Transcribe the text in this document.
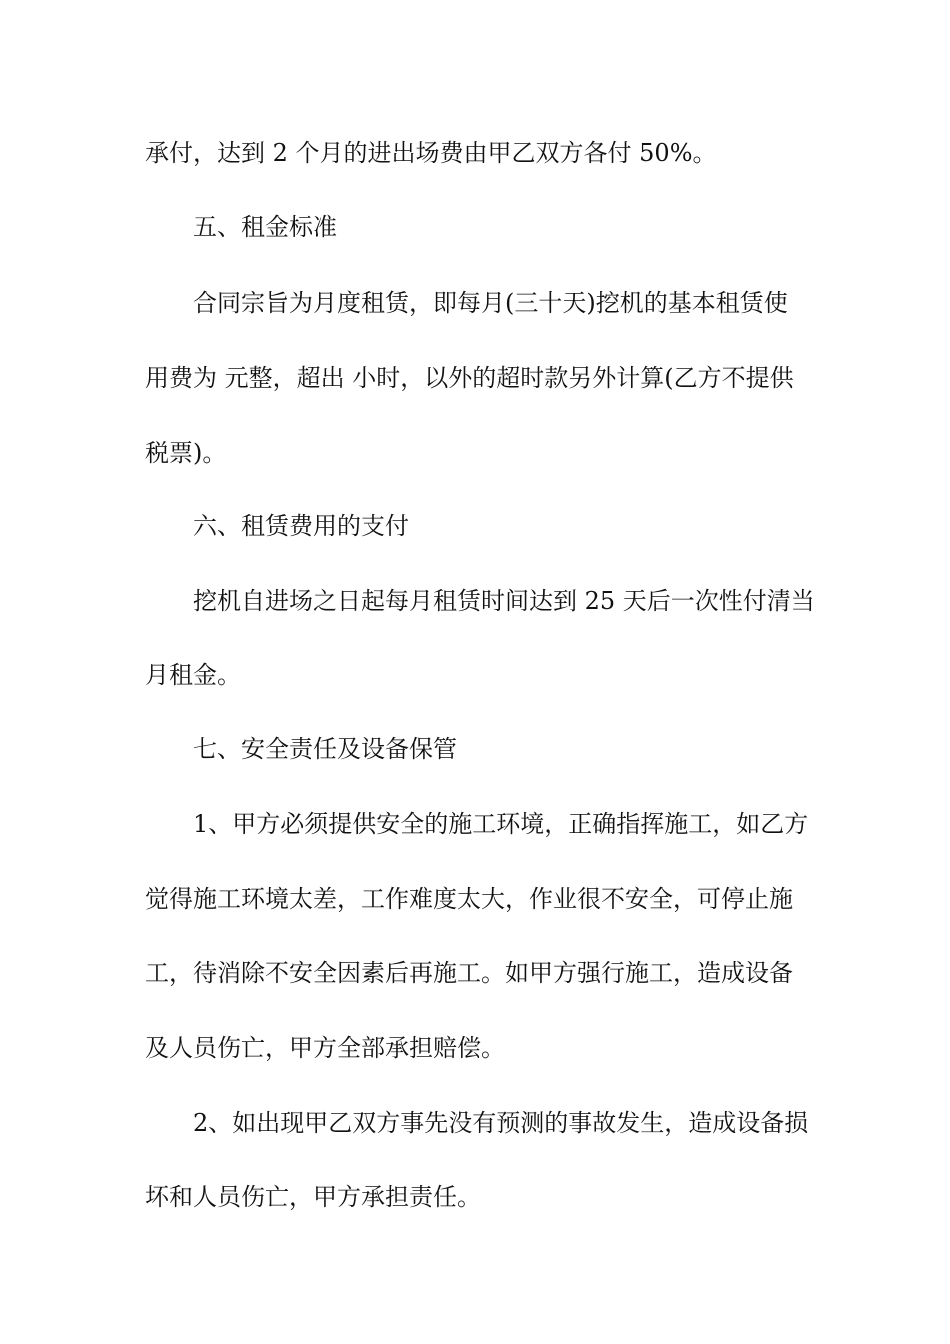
承付，达到 2 个月的进出场费由甲乙双方各付 50%。
五、租金标准
合同宗旨为月度租赁，即每月(三十天)挖机的基本租赁使
用费为 元整，超出 小时，以外的超时款另外计算(乙方不提供
税票)。
六、租赁费用的支付
挖机自进场之日起每月租赁时间达到 25 天后一次性付清当
月租金。
七、安全责任及设备保管
1、甲方必须提供安全的施工环境，正确指挥施工，如乙方
觉得施工环境太差，工作难度太大，作业很不安全，可停止施
工，待消除不安全因素后再施工。如甲方强行施工，造成设备
及人员伤亡，甲方全部承担赔偿。
2、如出现甲乙双方事先没有预测的事故发生，造成设备损
坏和人员伤亡，甲方承担责任。
